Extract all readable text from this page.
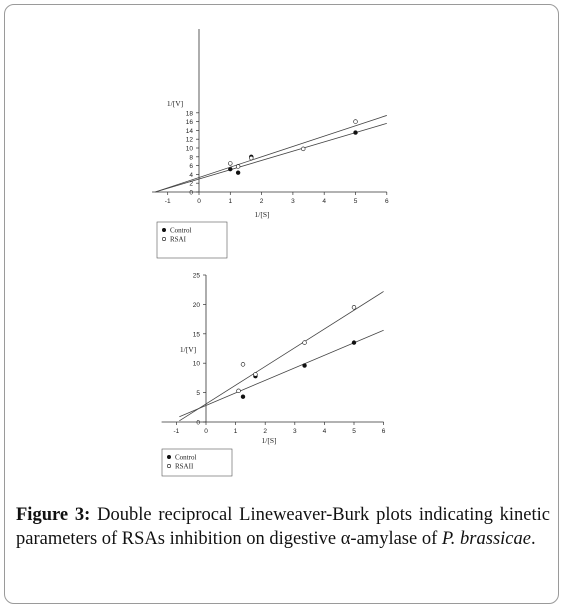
-1	0	1	2	3	4	5	6
0
2
4
6
8
10
12
14
16
18
1/[V]
1/[S]
Control
RSAI
-1	0	1	2	3	4	5	6
0
5
10
15
20
25
1/[V]
1/[S]
Control
RSAII
Figure 3: Double reciprocal Lineweaver-Burk plots indicating kinetic parameters of RSAs inhibition on digestive α-amylase of P. brassicae.
